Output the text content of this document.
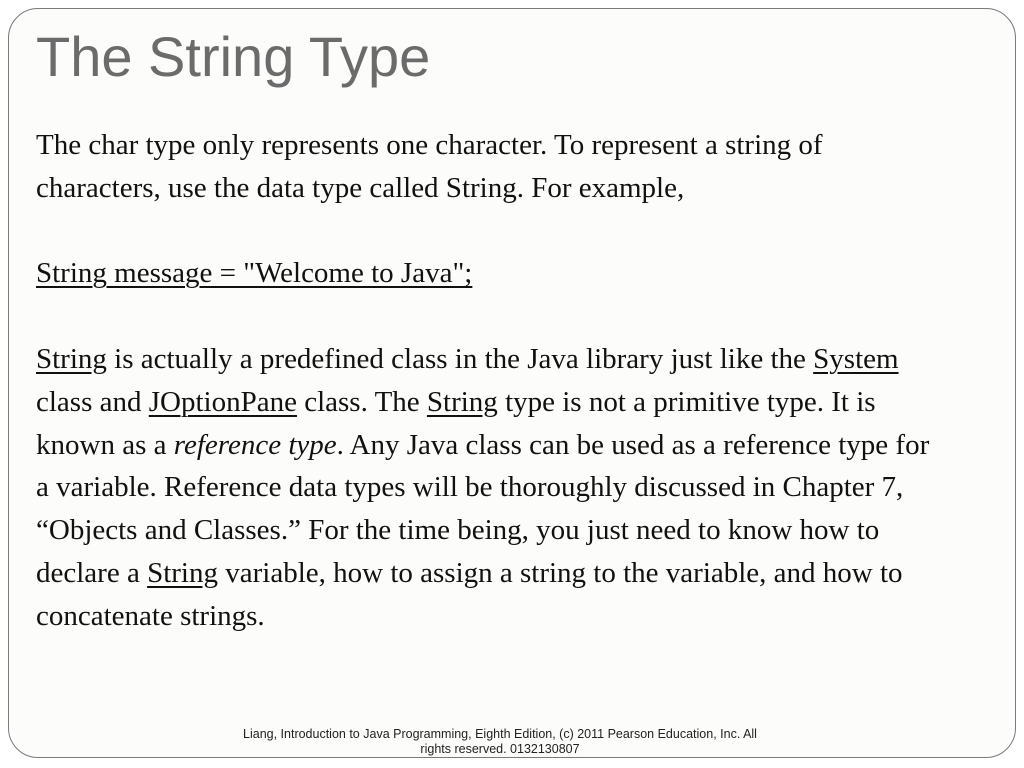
The String Type

The char type only represents one character. To represent a string of

characters, use the data type called String. For example,

String message = "Welcome to Java";

String is actually a predefined class in the Java library just like the System

class and JOptionPane class. The String type is not a primitive type. It is

known as a reference type. Any Java class can be used as a reference type for

a variable. Reference data types will be thoroughly discussed in Chapter 7,

“Objects and Classes.” For the time being, you just need to know how to

declare a String variable, how to assign a string to the variable, and how to

concatenate strings.

Liang, Introduction to Java Programming, Eighth Edition, (c) 2011 Pearson Education, Inc. All
rights reserved. 0132130807
